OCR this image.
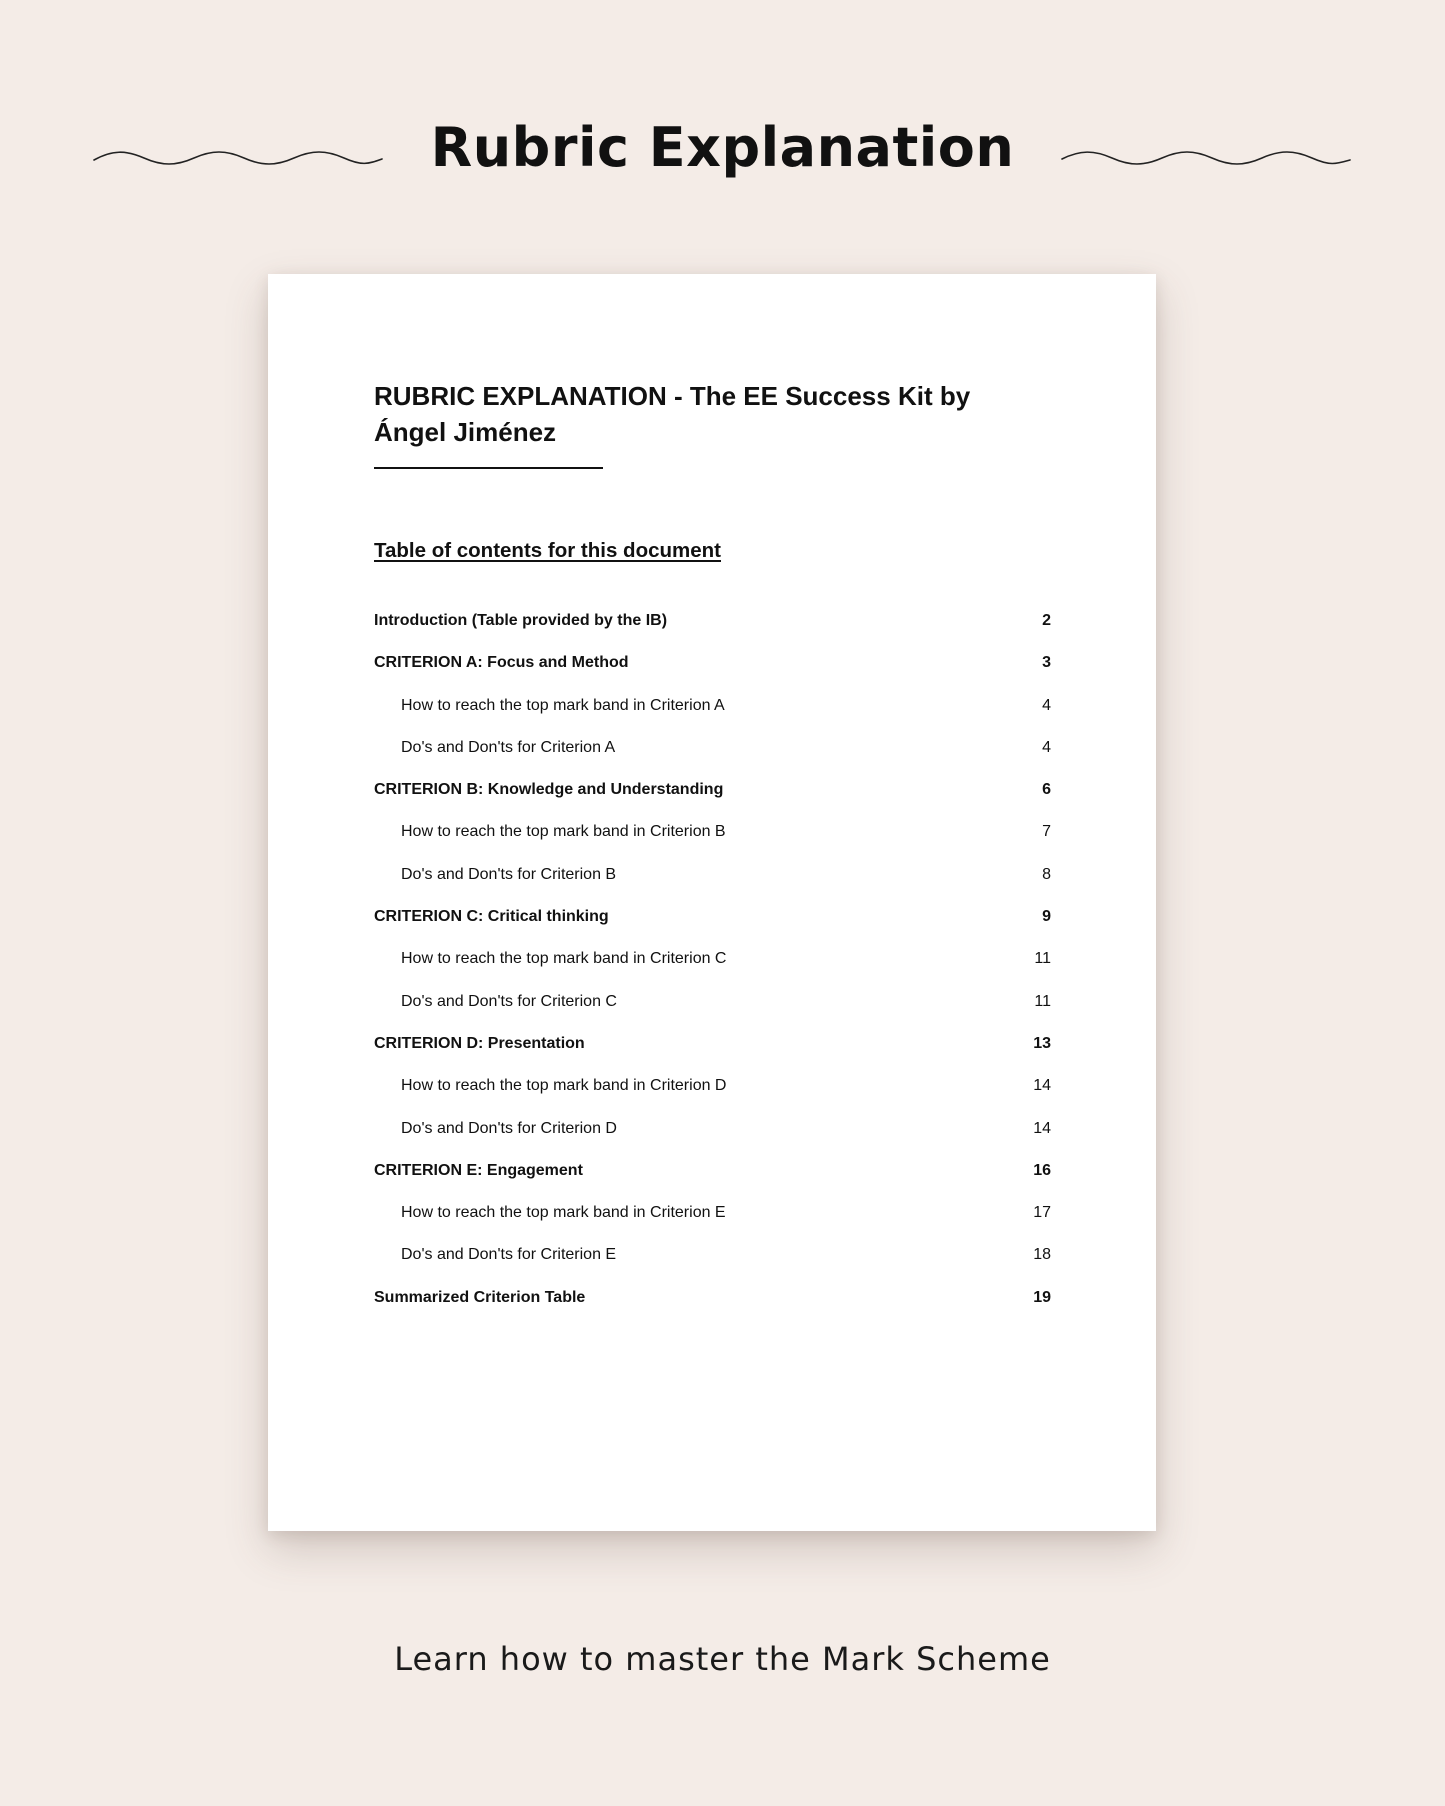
Rubric Explanation
RUBRIC EXPLANATION - The EE Success Kit by
Ángel Jiménez
Table of contents for this document
Introduction (Table provided by the IB)	2
CRITERION A: Focus and Method	3
How to reach the top mark band in Criterion A	4
Do's and Don'ts for Criterion A	4
CRITERION B: Knowledge and Understanding	6
How to reach the top mark band in Criterion B	7
Do's and Don'ts for Criterion B	8
CRITERION C: Critical thinking	9
How to reach the top mark band in Criterion C	11
Do's and Don'ts for Criterion C	11
CRITERION D: Presentation	13
How to reach the top mark band in Criterion D	14
Do's and Don'ts for Criterion D	14
CRITERION E: Engagement	16
How to reach the top mark band in Criterion E	17
Do's and Don'ts for Criterion E	18
Summarized Criterion Table	19
Learn how to master the Mark Scheme
